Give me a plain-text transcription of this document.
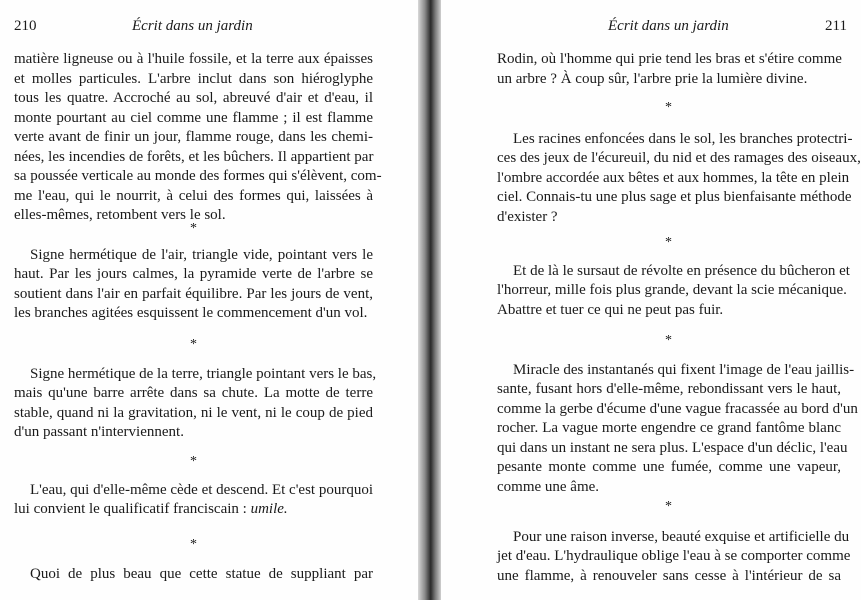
210	Écrit dans un jardin
matière ligneuse ou à l'huile fossile, et la terre aux épaisses
et molles particules. L'arbre inclut dans son hiéroglyphe
tous les quatre. Accroché au sol, abreuvé d'air et d'eau, il
monte pourtant au ciel comme une flamme ; il est flamme
verte avant de finir un jour, flamme rouge, dans les chemi-
nées, les incendies de forêts, et les bûchers. Il appartient par
sa poussée verticale au monde des formes qui s'élèvent, com-
me l'eau, qui le nourrit, à celui des formes qui, laissées à
elles-mêmes, retombent vers le sol.
*
Signe hermétique de l'air, triangle vide, pointant vers le
haut. Par les jours calmes, la pyramide verte de l'arbre se
soutient dans l'air en parfait équilibre. Par les jours de vent,
les branches agitées esquissent le commencement d'un vol.
*
Signe hermétique de la terre, triangle pointant vers le bas,
mais qu'une barre arrête dans sa chute. La motte de terre
stable, quand ni la gravitation, ni le vent, ni le coup de pied
d'un passant n'interviennent.
*
L'eau, qui d'elle-même cède et descend. Et c'est pourquoi
lui convient le qualificatif franciscain : umile.
*
Quoi de plus beau que cette statue de suppliant par
Écrit dans un jardin	211
Rodin, où l'homme qui prie tend les bras et s'étire comme
un arbre ? À coup sûr, l'arbre prie la lumière divine.
*
Les racines enfoncées dans le sol, les branches protectri-
ces des jeux de l'écureuil, du nid et des ramages des oiseaux,
l'ombre accordée aux bêtes et aux hommes, la tête en plein
ciel. Connais-tu une plus sage et plus bienfaisante méthode
d'exister ?
*
Et de là le sursaut de révolte en présence du bûcheron et
l'horreur, mille fois plus grande, devant la scie mécanique.
Abattre et tuer ce qui ne peut pas fuir.
*
Miracle des instantanés qui fixent l'image de l'eau jaillis-
sante, fusant hors d'elle-même, rebondissant vers le haut,
comme la gerbe d'écume d'une vague fracassée au bord d'un
rocher. La vague morte engendre ce grand fantôme blanc
qui dans un instant ne sera plus. L'espace d'un déclic, l'eau
pesante monte comme une fumée, comme une vapeur,
comme une âme.
*
Pour une raison inverse, beauté exquise et artificielle du
jet d'eau. L'hydraulique oblige l'eau à se comporter comme
une flamme, à renouveler sans cesse à l'intérieur de sa
